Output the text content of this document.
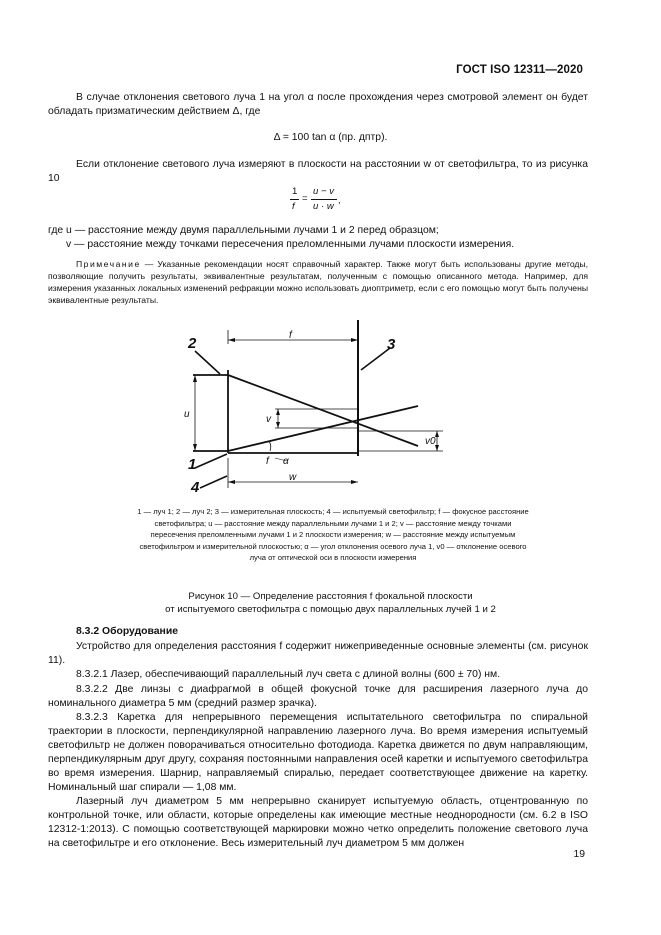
ГОСТ ISO 12311—2020
В случае отклонения светового луча 1 на угол α после прохождения через смотровой элемент он будет обладать призматическим действием Δ, где
Δ = 100 tan α (пр. дптр).
Если отклонение светового луча измеряют в плоскости на расстоянии w от светофильтра, то из рисунка 10
1
f
=
u − v
u · w
,
где u — расстояние между двумя параллельными лучами 1 и 2 перед образцом;
v — расстояние между точками пересечения преломленными лучами плоскости измерения.
Примечание — Указанные рекомендации носят справочный характер. Также могут быть использованы другие методы, позволяющие получить результаты, эквивалентные результатам, полученным с помощью описанного метода. Например, для измерения указанных локальных изменений рефракции можно использовать диоптриметр, если с его помощью могут быть получены эквивалентные результаты.
2	3
1
4
f
u	v
w
α
v0
f
1 — луч 1; 2 — луч 2; 3 — измерительная плоскость; 4 — испытуемый светофильтр; f — фокусное расстояние светофильтра; u — расстояние между параллельными лучами 1 и 2; v — расстояние между точками пересечения преломленными лучами 1 и 2 плоскости измерения; w — расстояние между испытуемым светофильтром и измерительной плоскостью; α — угол отклонения осевого луча 1, v0 — отклонение осевого луча от оптической оси в плоскости измерения
Рисунок 10 — Определение расстояния f фокальной плоскости
от испытуемого светофильтра с помощью двух параллельных лучей 1 и 2
8.3.2 Оборудование
Устройство для определения расстояния f содержит нижеприведенные основные элементы (см. рисунок 11).
8.3.2.1 Лазер, обеспечивающий параллельный луч света с длиной волны (600 ± 70) нм.
8.3.2.2 Две линзы с диафрагмой в общей фокусной точке для расширения лазерного луча до номинального диаметра 5 мм (средний размер зрачка).
8.3.2.3 Каретка для непрерывного перемещения испытательного светофильтра по спиральной траектории в плоскости, перпендикулярной направлению лазерного луча. Во время измерения испытуемый светофильтр не должен поворачиваться относительно фотодиода. Каретка движется по двум направляющим, перпендикулярным друг другу, сохраняя постоянными направления осей каретки и испытуемого светофильтра во время измерения. Шарнир, направляемый спиралью, передает соответствующее движение на каретку. Номинальный шаг спирали — 1,08 мм.
Лазерный луч диаметром 5 мм непрерывно сканирует испытуемую область, отцентрованную по контрольной точке, или области, которые определены как имеющие местные неоднородности (см. 6.2 в ISO 12312-1:2013). С помощью соответствующей маркировки можно четко определить положение светового луча на светофильтре и его отклонение. Весь измерительный луч диаметром 5 мм должен
19
